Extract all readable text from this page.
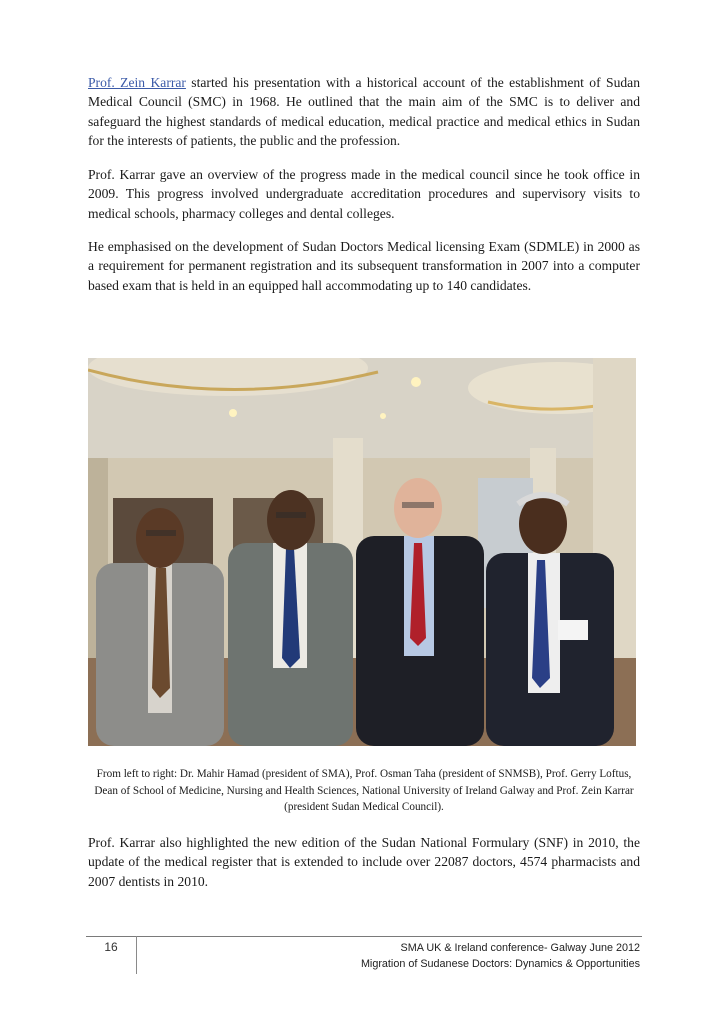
Prof. Zein Karrar started his presentation with a historical account of the establishment of Sudan Medical Council (SMC) in 1968. He outlined that the main aim of the SMC is to deliver and safeguard the highest standards of medical education, medical practice and medical ethics in Sudan for the interests of patients, the public and the profession.

Prof. Karrar gave an overview of the progress made in the medical council since he took office in 2009. This progress involved undergraduate accreditation procedures and supervisory visits to medical schools, pharmacy colleges and dental colleges.

He emphasised on the development of Sudan Doctors Medical licensing Exam (SDMLE) in 2000 as a requirement for permanent registration and its subsequent transformation in 2007 into a computer based exam that is held in an equipped hall accommodating up to 140 candidates.

From left to right: Dr. Mahir Hamad (president of SMA), Prof. Osman Taha (president of SNMSB), Prof. Gerry Loftus, Dean of School of Medicine, Nursing and Health Sciences, National University of Ireland Galway and Prof. Zein Karrar (president Sudan Medical Council).

Prof. Karrar also highlighted the new edition of the Sudan National Formulary (SNF) in 2010, the update of the medical register that is extended to include over 22087 doctors, 4574 pharmacists and 2007 dentists in 2010.

16	SMA UK & Ireland conference- Galway June 2012
Migration of Sudanese Doctors: Dynamics & Opportunities
